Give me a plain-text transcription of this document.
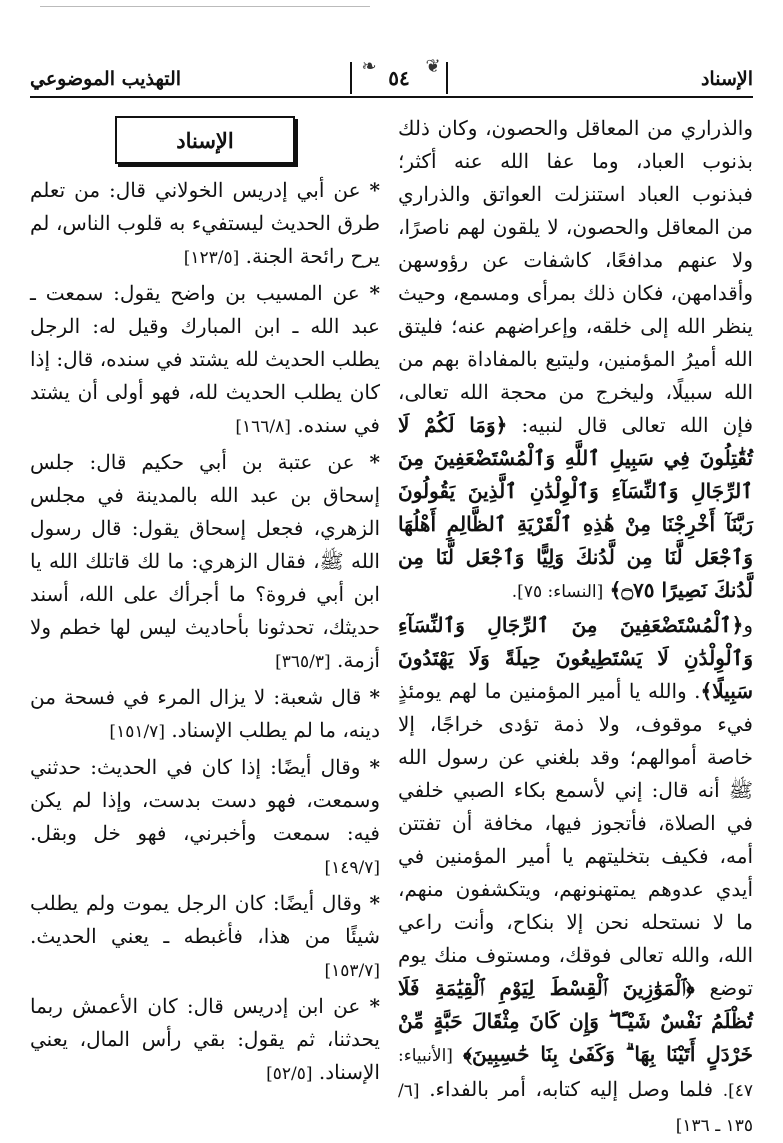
الإسناد
٥٤ ❦
❧
التهذيب الموضوعي

والذراري من المعاقل والحصون، وكان ذلك بذنوب العباد، وما عفا الله عنه أكثر؛ فبذنوب العباد استنزلت العواتق والذراري من المعاقل والحصون، لا يلقون لهم ناصرًا، ولا عنهم مدافعًا، كاشفات عن رؤوسهن وأقدامهن، فكان ذلك بمرأى ومسمع، وحيث ينظر الله إلى خلقه، وإعراضهم عنه؛ فليتق الله أميرُ المؤمنين، وليتبع بالمفاداة بهم من الله سبيلًا، وليخرج من محجة الله تعالى، فإن الله تعالى قال لنبيه: ﴿وَمَا لَكُمْ لَا تُقَٰتِلُونَ فِي سَبِيلِ ٱللَّهِ وَٱلْمُسْتَضْعَفِينَ مِنَ ٱلرِّجَالِ وَٱلنِّسَآءِ وَٱلْوِلْدَٰنِ ٱلَّذِينَ يَقُولُونَ رَبَّنَآ أَخْرِجْنَا مِنْ هَٰذِهِ ٱلْقَرْيَةِ ٱلظَّالِمِ أَهْلُهَا وَٱجْعَل لَّنَا مِن لَّدُنكَ وَلِيًّا وَٱجْعَل لَّنَا مِن لَّدُنكَ نَصِيرًا ۝٧٥﴾ [النساء: ٧٥].

و﴿ٱلْمُسْتَضْعَفِينَ مِنَ ٱلرِّجَالِ وَٱلنِّسَآءِ وَٱلْوِلْدَٰنِ لَا يَسْتَطِيعُونَ حِيلَةً وَلَا يَهْتَدُونَ سَبِيلًا﴾. والله يا أمير المؤمنين ما لهم يومئذٍ فيء موقوف، ولا ذمة تؤدى خراجًا، إلا خاصة أموالهم؛ وقد بلغني عن رسول الله ﷺ أنه قال: إني لأسمع بكاء الصبي خلفي في الصلاة، فأتجوز فيها، مخافة أن تفتتن أمه، فكيف بتخليتهم يا أمير المؤمنين في أيدي عدوهم يمتهنونهم، ويتكشفون منهم، ما لا نستحله نحن إلا بنكاح، وأنت راعي الله، والله تعالى فوقك، ومستوف منك يوم توضع ﴿ٱلْمَوَٰزِينَ ٱلْقِسْطَ لِيَوْمِ ٱلْقِيَٰمَةِ فَلَا تُظْلَمُ نَفْسٌ شَيْـًٔا ۖ وَإِن كَانَ مِثْقَالَ حَبَّةٍ مِّنْ خَرْدَلٍ أَتَيْنَا بِهَا ۗ وَكَفَىٰ بِنَا حَٰسِبِينَ﴾ [الأنبياء: ٤٧]. فلما وصل إليه كتابه، أمر بالفداء. [٦/ ١٣٥ ـ ١٣٦]

الإسناد

* عن أبي إدريس الخولاني قال: من تعلم طرق الحديث ليستفيء به قلوب الناس، لم يرح رائحة الجنة. [١٢٣/٥]

* عن المسيب بن واضح يقول: سمعت ـ عبد الله ـ ابن المبارك وقيل له: الرجل يطلب الحديث لله يشتد في سنده، قال: إذا كان يطلب الحديث لله، فهو أولى أن يشتد في سنده. [١٦٦/٨]

* عن عتبة بن أبي حكيم قال: جلس إسحاق بن عبد الله بالمدينة في مجلس الزهري، فجعل إسحاق يقول: قال رسول الله ﷺ، فقال الزهري: ما لك قاتلك الله يا ابن أبي فروة؟ ما أجرأك على الله، أسند حديثك، تحدثونا بأحاديث ليس لها خطم ولا أزمة. [٣٦٥/٣]

* قال شعبة: لا يزال المرء في فسحة من دينه، ما لم يطلب الإسناد. [١٥١/٧]

* وقال أيضًا: إذا كان في الحديث: حدثني وسمعت، فهو دست بدست، وإذا لم يكن فيه: سمعت وأخبرني، فهو خل وبقل. [١٤٩/٧]

* وقال أيضًا: كان الرجل يموت ولم يطلب شيئًا من هذا، فأغبطه ـ يعني الحديث. [١٥٣/٧]

* عن ابن إدريس قال: كان الأعمش ربما يحدثنا، ثم يقول: بقي رأس المال، يعني الإسناد. [٥٢/٥]
